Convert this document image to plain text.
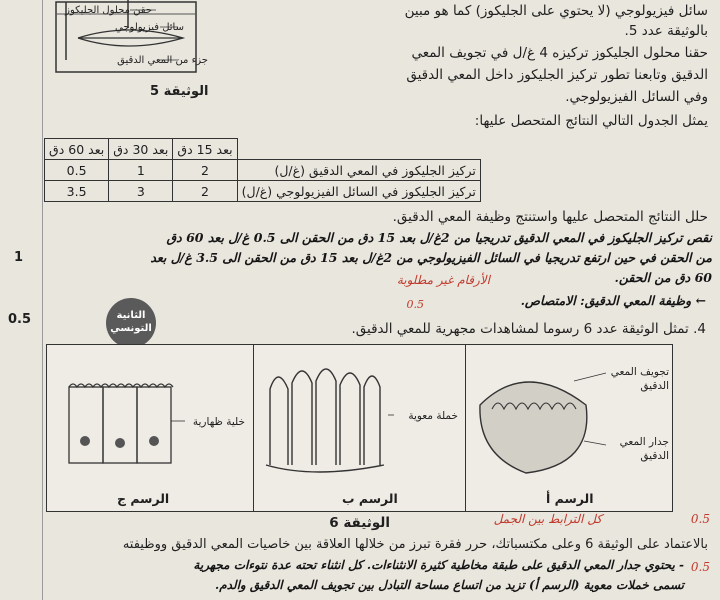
1
0.5
حقن محلول الجليكوز
سائل فيزيولوجي
جزء من المعي الدقيق
الوثيقة 5
سائل فيزيولوجي (لا يحتوي على الجليكوز) كما هو مبين
بالوثيقة عدد 5.
حقنا محلول الجليكوز تركيزه 4 غ/ل في تجويف المعي
الدقيق وتابعنا تطور تركيز الجليكوز داخل المعي الدقيق
وفي السائل الفيزيولوجي.
يمثل الجدول التالي النتائج المتحصل عليها:
	بعد 15 دق	بعد 30 دق	بعد 60 دق
تركيز الجليكوز في المعي الدقيق (غ/ل)	2	1	0.5
تركيز الجليكوز في السائل الفيزيولوجي (غ/ل)	2	3	3.5
حلل النتائج المتحصل عليها واستنتج وظيفة المعي الدقيق.
نقص تركيز الجليكوز في المعي الدقيق تدريجيا من 2غ/ل بعد 15 دق من الحقن الى 0.5 غ/ل بعد 60 دق
من الحقن في حين ارتفع تدريجيا في السائل الفيزيولوجي من 2غ/ل بعد 15 دق من الحقن الى 3.5 غ/ل بعد
60 دق من الحقن.
الأرقام غير مطلوبة
← وظيفة المعي الدقيق: الامتصاص.
0.5
الثانية
التونسي	4. تمثل الوثيقة عدد 6 رسوما لمشاهدات مجهرية للمعي الدقيق.
خلية ظهارية
الرسم ج
خملة معوية
الرسم ب
تجويف المعي الدقيق
جدار المعي الدقيق
الرسم أ
الوثيقة 6	كل الترابط بين الجمل	0.5
بالاعتماد على الوثيقة 6 وعلى مكتسباتك، حرر فقرة تبرز من خلالها العلاقة بين خاصيات المعي الدقيق ووظيفته
- يحتوي جدار المعي الدقيق على طبقة مخاطية كثيرة الانثناءات. كل انثناء تحته عدة نتوءات مجهرية
تسمى خملات معوية (الرسم أ) تزيد من اتساع مساحة التبادل بين تجويف المعي الدقيق والدم.
0.5
